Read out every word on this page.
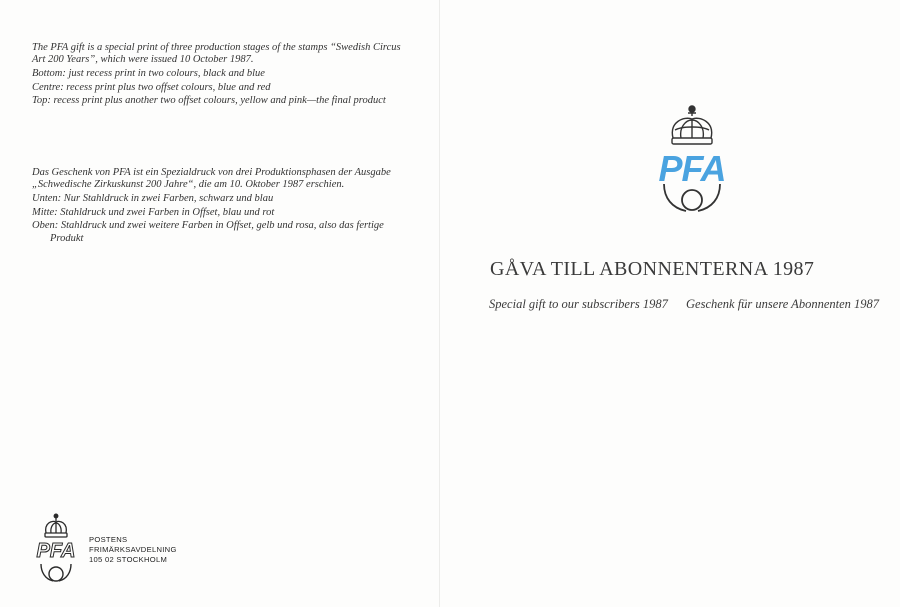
The PFA gift is a special print of three production stages of the stamps “Swedish Circus Art 200 Years”, which were issued 10 October 1987.

Bottom: just recess print in two colours, black and blue

Centre: recess print plus two offset colours, blue and red

Top: recess print plus another two offset colours, yellow and pink—the final product

Das Geschenk von PFA ist ein Spezialdruck von drei Produktionsphasen der Ausgabe „Schwedische Zirkuskunst 200 Jahre“, die am 10. Oktober 1987 erschien.

Unten: Nur Stahldruck in zwei Farben, schwarz und blau

Mitte: Stahldruck und zwei Farben in Offset, blau und rot

Oben: Stahldruck und zwei weitere Farben in Offset, gelb und rosa, also das fertige Produkt

PFA
POSTENS
FRIMÄRKSAVDELNING
105 02 STOCKHOLM
PFA
GÅVA TILL ABONNENTERNA 1987
Special gift to our subscribers 1987 Geschenk für unsere Abonnenten 1987
